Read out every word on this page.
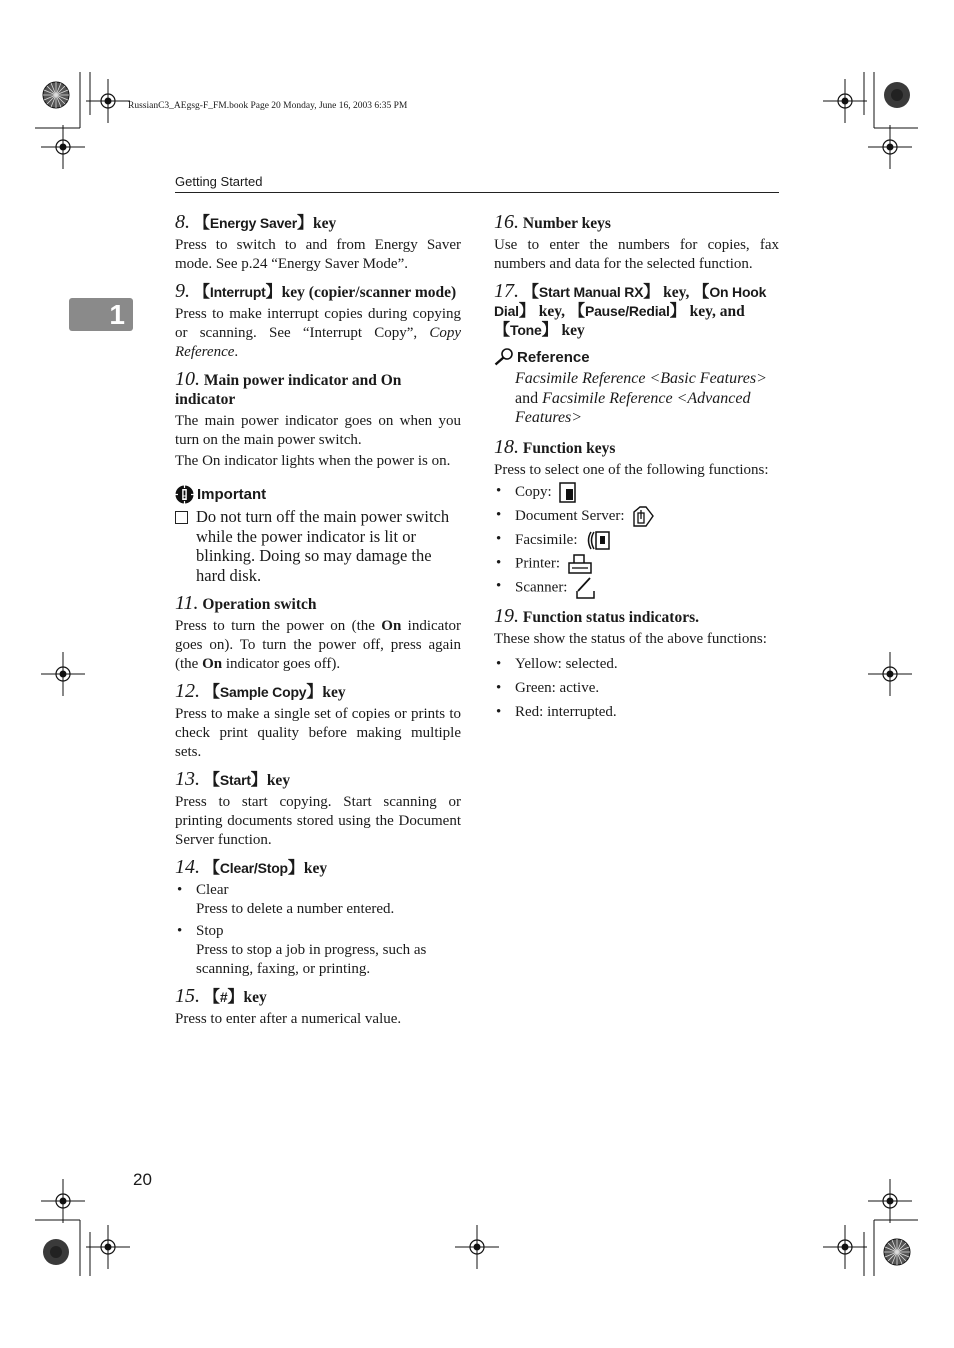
RussianC3_AEgsg-F_FM.book Page 20 Monday, June 16, 2003 6:35 PM
Getting Started
1
8. 【Energy Saver】key

Press to switch to and from Energy Saver mode. See p.24 “Energy Saver Mode”.

9. 【Interrupt】key (copier/scanner mode)

Press to make interrupt copies during copying or scanning. See “Interrupt Copy”, Copy Reference.

10. Main power indicator and On indicator

The main power indicator goes on when you turn on the main power switch.

The On indicator lights when the power is on.

Important
Do not turn off the main power switch while the power indicator is lit or blinking. Doing so may damage the hard disk.
11. Operation switch

Press to turn the power on (the On indicator goes on). To turn the power off, press again (the On indicator goes off).

12. 【Sample Copy】key

Press to make a single set of copies or prints to check print quality before making multiple sets.

13. 【Start】key

Press to start copying. Start scanning or printing documents stored using the Document Server function.

14. 【Clear/Stop】key
• Clear
Press to delete a number entered.
• Stop
Press to stop a job in progress, such as scanning, faxing, or printing.
15. 【#】key

Press to enter after a numerical value.

16. Number keys

Use to enter the numbers for copies, fax numbers and data for the selected function.

17. 【Start Manual RX】 key, 【On Hook Dial】 key, 【Pause/Redial】 key, and 【Tone】 key
Reference
Facsimile Reference <Basic Features> and Facsimile Reference <Advanced Features>
18. Function keys

Press to select one of the following functions:

• Copy:
• Document Server:
• Facsimile:
• Printer:
• Scanner:
19. Function status indicators.

These show the status of the above functions:

• Yellow: selected.
• Green: active.
• Red: interrupted.
20
